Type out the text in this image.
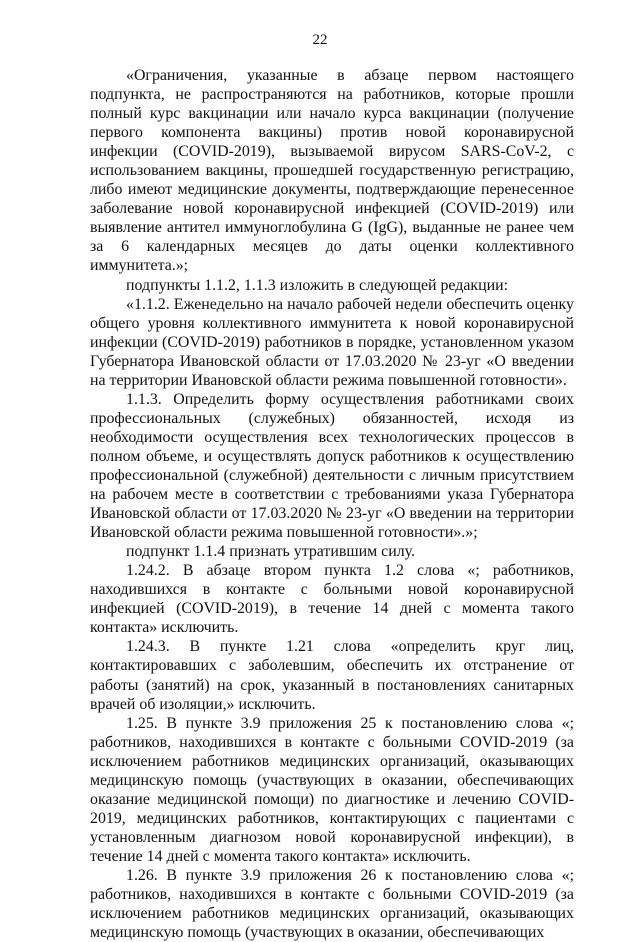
22

«Ограничения, указанные в абзаце первом настоящего подпункта, не распространяются на работников, которые прошли полный курс вакцинации или начало курса вакцинации (получение первого компонента вакцины) против новой коронавирусной инфекции (COVID-2019), вызываемой вирусом SARS-CoV-2, с использованием вакцины, прошедшей государственную регистрацию, либо имеют медицинские документы, подтверждающие перенесенное заболевание новой коронавирусной инфекцией (COVID-2019) или выявление антител иммуноглобулина G (IgG), выданные не ранее чем за 6 календарных месяцев до даты оценки коллективного иммунитета.»;

подпункты 1.1.2, 1.1.3 изложить в следующей редакции:

«1.1.2. Еженедельно на начало рабочей недели обеспечить оценку общего уровня коллективного иммунитета к новой коронавирусной инфекции (COVID-2019) работников в порядке, установленном указом Губернатора Ивановской области от 17.03.2020 № 23-уг «О введении на территории Ивановской области режима повышенной готовности».

1.1.3. Определить форму осуществления работниками своих профессиональных (служебных) обязанностей, исходя из необходимости осуществления всех технологических процессов в полном объеме, и осуществлять допуск работников к осуществлению профессиональной (служебной) деятельности с личным присутствием на рабочем месте в соответствии с требованиями указа Губернатора Ивановской области от 17.03.2020 № 23-уг «О введении на территории Ивановской области режима повышенной готовности».»;

подпункт 1.1.4 признать утратившим силу.

1.24.2. В абзаце втором пункта 1.2 слова «; работников, находившихся в контакте с больными новой коронавирусной инфекцией (COVID-2019), в течение 14 дней с момента такого контакта» исключить.

1.24.3. В пункте 1.21 слова «определить круг лиц, контактировавших с заболевшим, обеспечить их отстранение от работы (занятий) на срок, указанный в постановлениях санитарных врачей об изоляции,» исключить.

1.25. В пункте 3.9 приложения 25 к постановлению слова «; работников, находившихся в контакте с больными COVID-2019 (за исключением работников медицинских организаций, оказывающих медицинскую помощь (участвующих в оказании, обеспечивающих оказание медицинской помощи) по диагностике и лечению COVID-2019, медицинских работников, контактирующих с пациентами с установленным диагнозом новой коронавирусной инфекции), в течение 14 дней с момента такого контакта» исключить.

1.26. В пункте 3.9 приложения 26 к постановлению слова «; работников, находившихся в контакте с больными COVID-2019 (за исключением работников медицинских организаций, оказывающих медицинскую помощь (участвующих в оказании, обеспечивающих
